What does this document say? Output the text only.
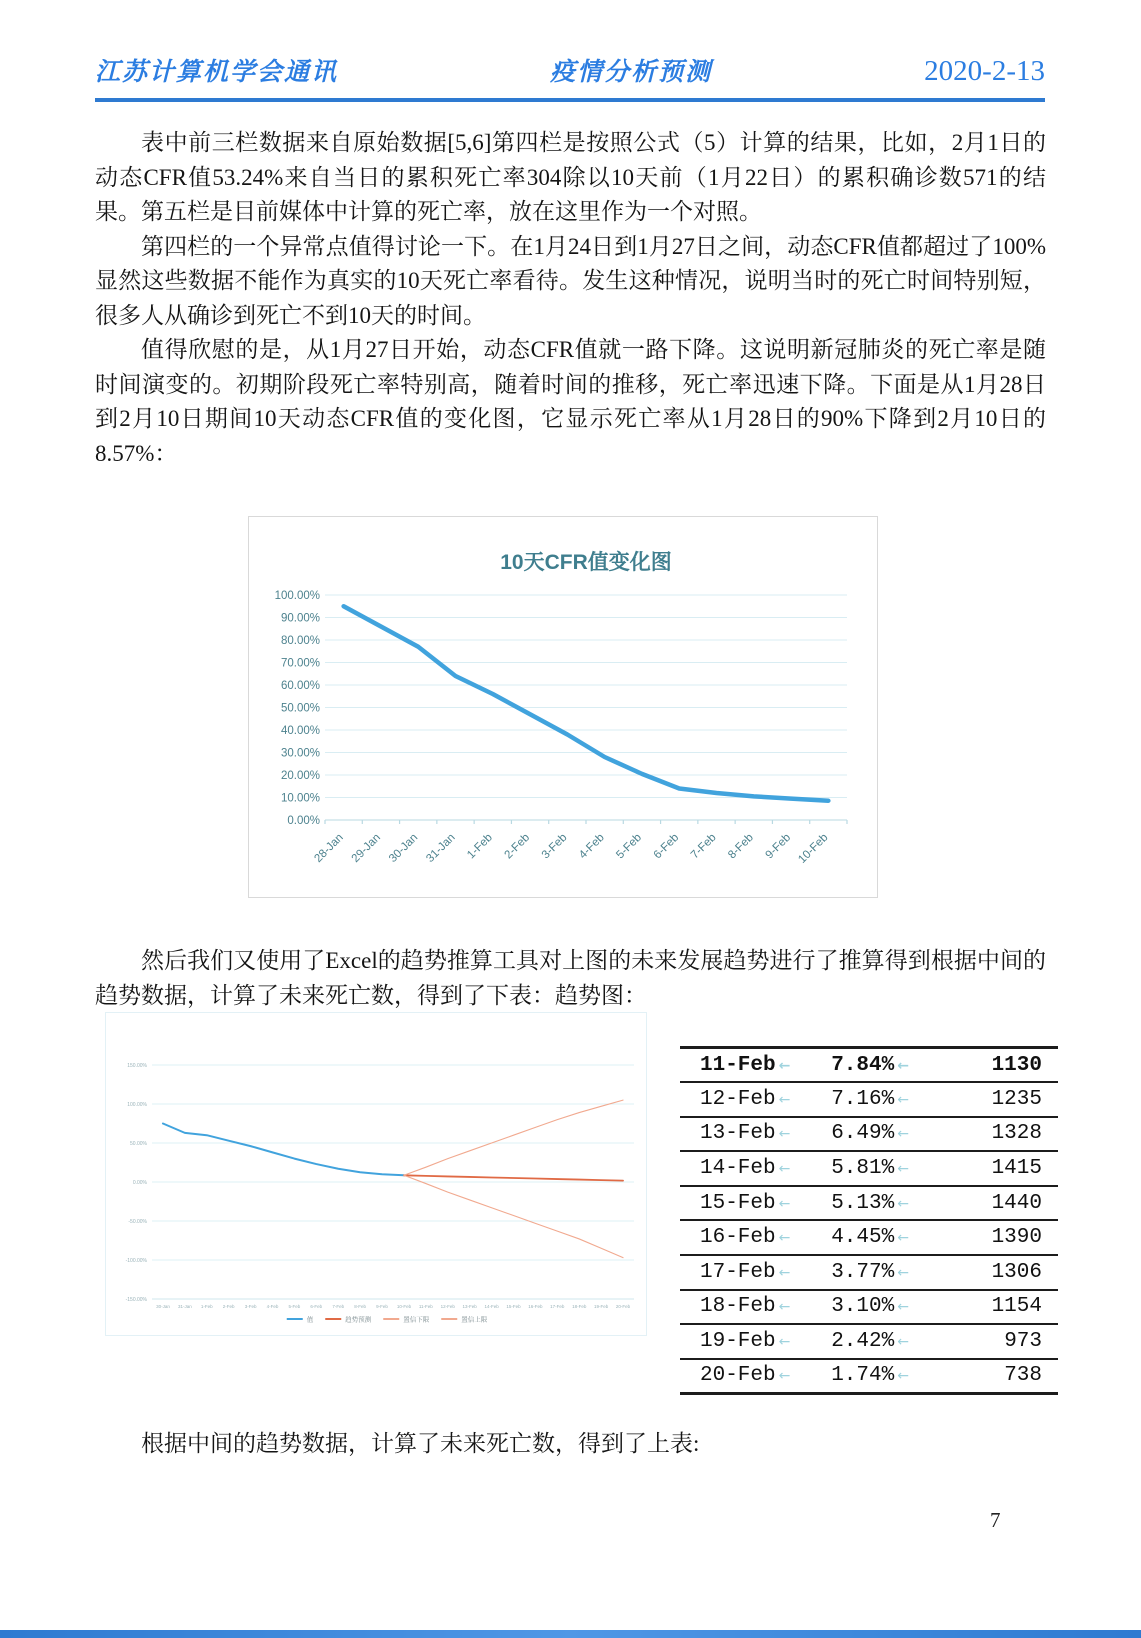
江苏计算机学会通讯	疫情分析预测	2020-2-13

表中前三栏数据来自原始数据[5,6]第四栏是按照公式（5）计算的结果，比如，2月1日的动态CFR值53.24%来自当日的累积死亡率304除以10天前（1月22日）的累积确诊数571的结果。第五栏是目前媒体中计算的死亡率，放在这里作为一个对照。

第四栏的一个异常点值得讨论一下。在1月24日到1月27日之间，动态CFR值都超过了100%显然这些数据不能作为真实的10天死亡率看待。发生这种情况，说明当时的死亡时间特别短，很多人从确诊到死亡不到10天的时间。

值得欣慰的是，从1月27日开始，动态CFR值就一路下降。这说明新冠肺炎的死亡率是随时间演变的。初期阶段死亡率特别高，随着时间的推移，死亡率迅速下降。下面是从1月28日到2月10日期间10天动态CFR值的变化图，它显示死亡率从1月28日的90%下降到2月10日的8.57%：

100.00%
90.00%
80.00%
70.00%
60.00%
50.00%
40.00%
30.00%
20.00%
10.00%
0.00%
28-Jan 29-Jan 30-Jan 31-Jan 1-Feb 2-Feb 3-Feb 4-Feb 5-Feb 6-Feb 7-Feb 8-Feb 9-Feb 10-Feb
10天CFR值变化图

然后我们又使用了Excel的趋势推算工具对上图的未来发展趋势进行了推算得到根据中间的趋势数据，计算了未来死亡数，得到了下表：趋势图：

150.00%
100.00%
50.00%
0.00%
-50.00%
-100.00%
-150.00%
30-Jan 31-Jan 1-Feb 2-Feb 3-Feb 4-Feb 5-Feb 6-Feb 7-Feb 8-Feb 9-Feb 10-Feb 11-Feb 12-Feb 13-Feb 14-Feb 15-Feb 16-Feb 17-Feb 18-Feb 19-Feb 20-Feb
值	趋势预测	置信下限	置信上限
11-Feb ←	7.84% ←	1130
12-Feb ←	7.16% ←	1235
13-Feb ←	6.49% ←	1328
14-Feb ←	5.81% ←	1415
15-Feb ←	5.13% ←	1440
16-Feb ←	4.45% ←	1390
17-Feb ←	3.77% ←	1306
18-Feb ←	3.10% ←	1154
19-Feb ←	2.42% ←	973
20-Feb ←	1.74% ←	738

根据中间的趋势数据，计算了未来死亡数，得到了上表:

7
